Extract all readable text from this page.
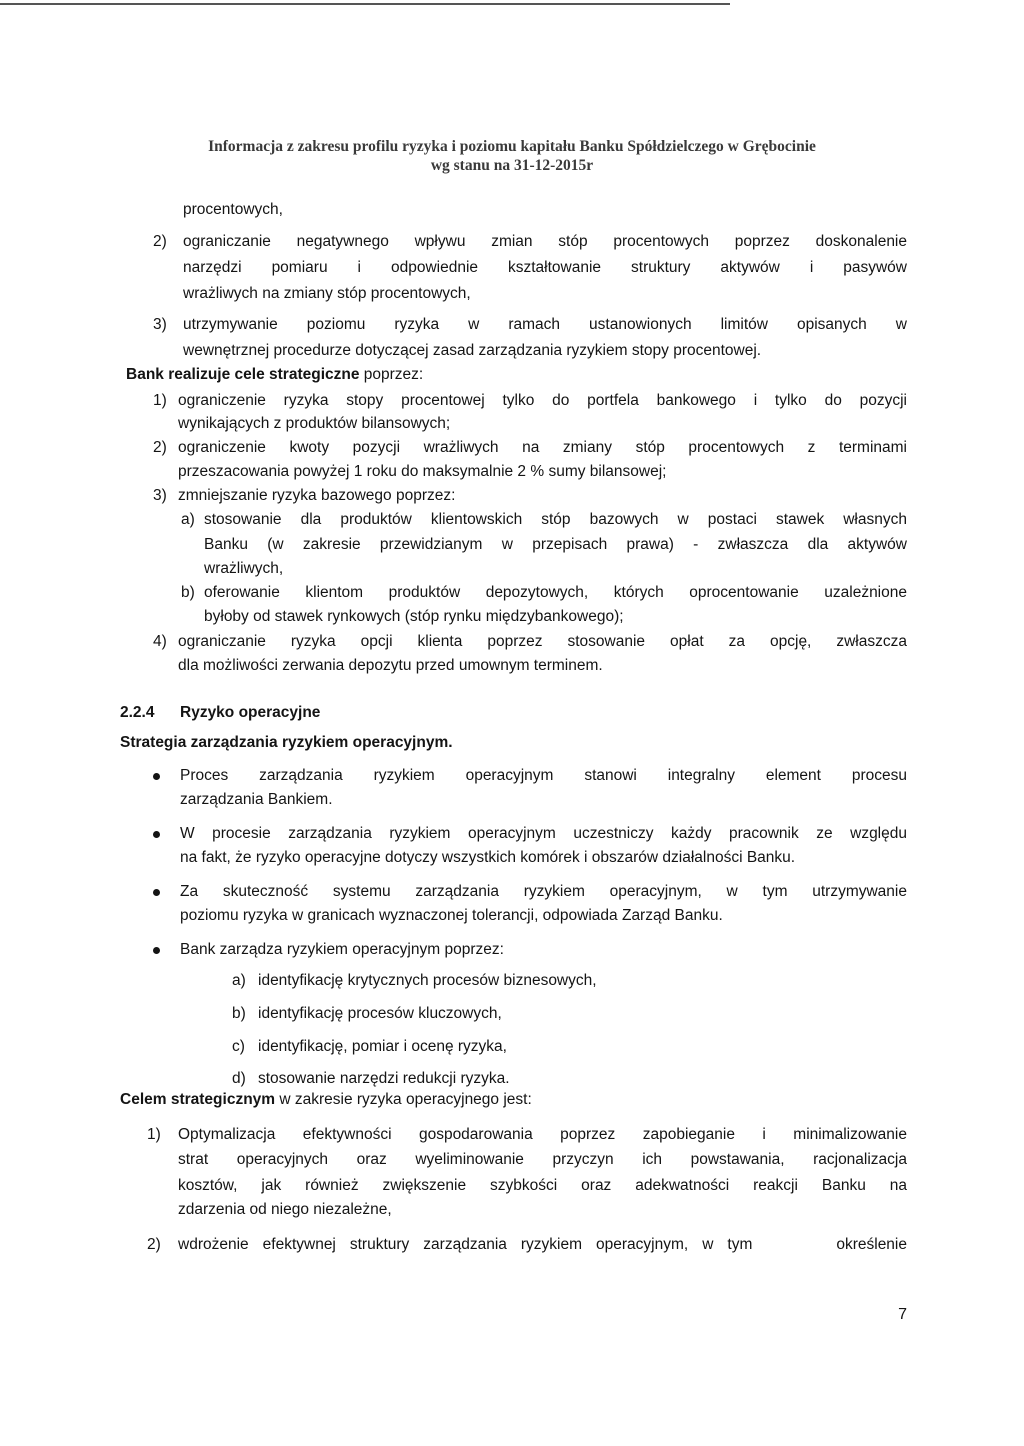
Informacja z zakresu profilu ryzyka i poziomu kapitału Banku Spółdzielczego w Grębocinie
wg stanu na 31-12-2015r
procentowych,
2) ograniczanie negatywnego wpływu zmian stóp procentowych poprzez doskonalenie
narzędzi pomiaru i odpowiednie kształtowanie struktury aktywów i pasywów
wrażliwych na zmiany stóp procentowych,
3) utrzymywanie poziomu ryzyka w ramach ustanowionych limitów opisanych w
wewnętrznej procedurze dotyczącej zasad zarządzania ryzykiem stopy procentowej.
Bank realizuje cele strategiczne poprzez:
1) ograniczenie ryzyka stopy procentowej tylko do portfela bankowego i tylko do pozycji
wynikających z produktów bilansowych;
2) ograniczenie kwoty pozycji wrażliwych na zmiany stóp procentowych z terminami
przeszacowania powyżej 1 roku do maksymalnie 2 % sumy bilansowej;
3) zmniejszanie ryzyka bazowego poprzez:
a) stosowanie dla produktów klientowskich stóp bazowych w postaci stawek własnych
Banku (w zakresie przewidzianym w przepisach prawa) - zwłaszcza dla aktywów
wrażliwych,
b) oferowanie klientom produktów depozytowych, których oprocentowanie uzależnione
byłoby od stawek rynkowych (stóp rynku międzybankowego);
4) ograniczanie ryzyka opcji klienta poprzez stosowanie opłat za opcję, zwłaszcza
dla możliwości zerwania depozytu przed umownym terminem.
2.2.4 Ryzyko operacyjne
Strategia zarządzania ryzykiem operacyjnym.
Proces zarządzania ryzykiem operacyjnym stanowi integralny element procesu
zarządzania Bankiem.
W procesie zarządzania ryzykiem operacyjnym uczestniczy każdy pracownik ze względu
na fakt, że ryzyko operacyjne dotyczy wszystkich komórek i obszarów działalności Banku.
Za skuteczność systemu zarządzania ryzykiem operacyjnym, w tym utrzymywanie
poziomu ryzyka w granicach wyznaczonej tolerancji, odpowiada Zarząd Banku.
Bank zarządza ryzykiem operacyjnym poprzez:
a) identyfikację krytycznych procesów biznesowych,
b) identyfikację procesów kluczowych,
c) identyfikację, pomiar i ocenę ryzyka,
d) stosowanie narzędzi redukcji ryzyka.
Celem strategicznym w zakresie ryzyka operacyjnego jest:
1) Optymalizacja efektywności gospodarowania poprzez zapobieganie i minimalizowanie
strat operacyjnych oraz wyeliminowanie przyczyn ich powstawania, racjonalizacja
kosztów, jak również zwiększenie szybkości oraz adekwatności reakcji Banku na
zdarzenia od niego niezależne,
2) wdrożenie efektywnej struktury zarządzania ryzykiem operacyjnym, w tym      określenie
7
